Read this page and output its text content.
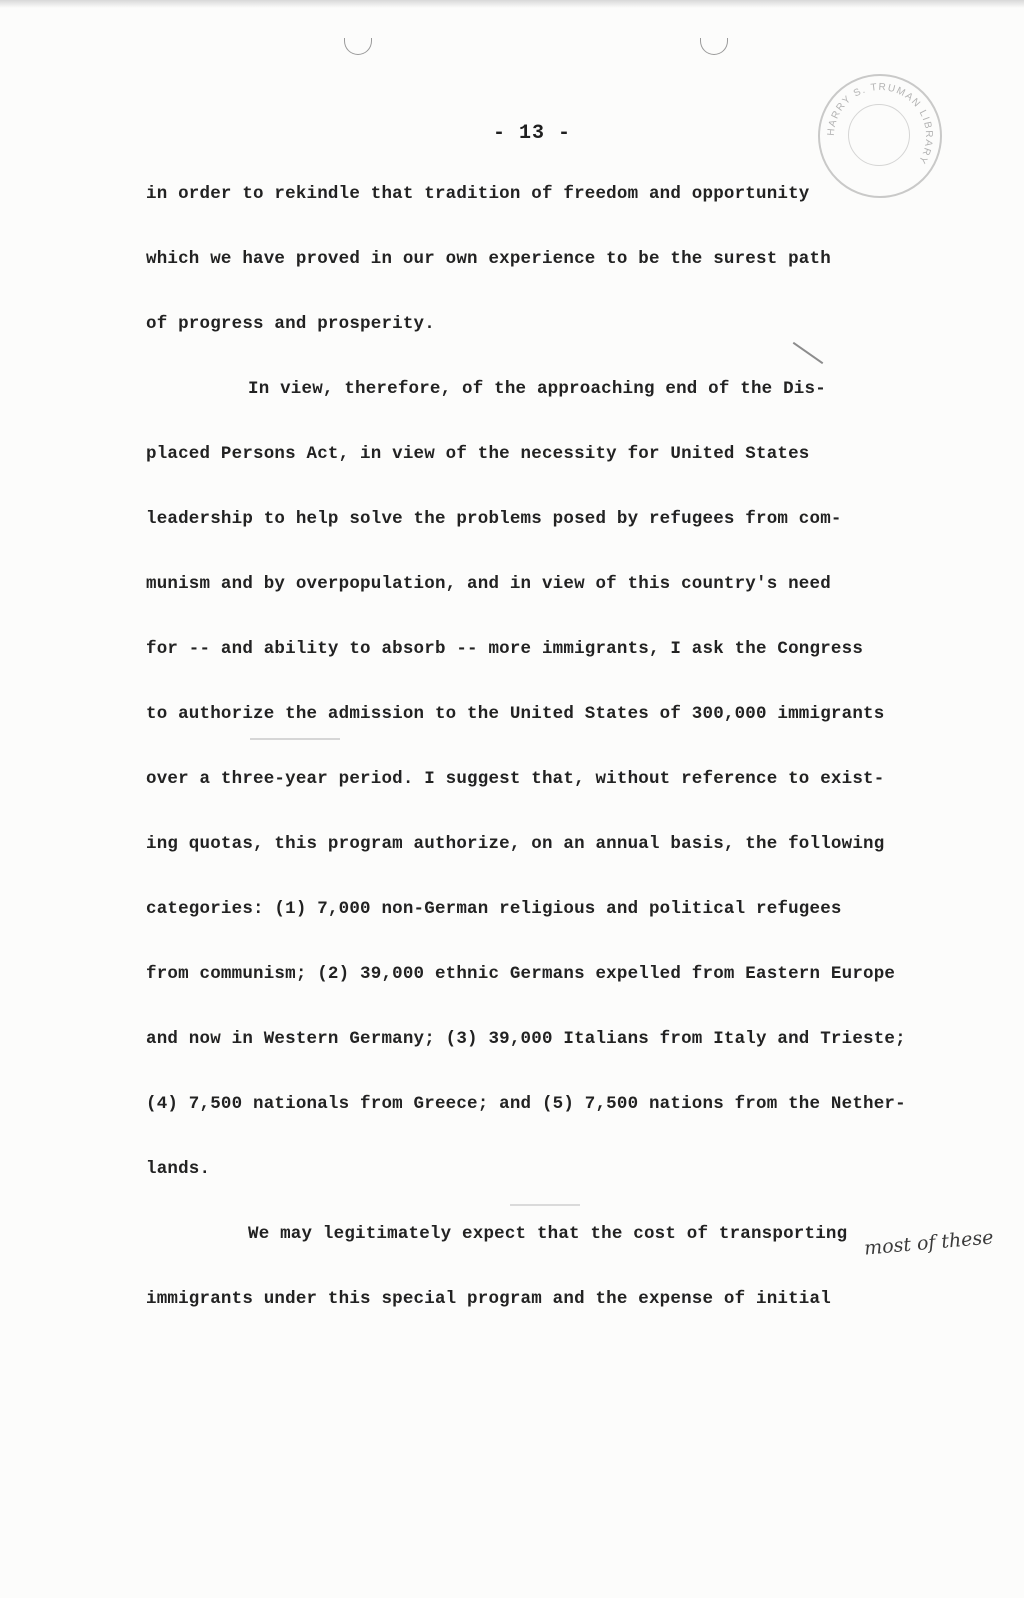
HARRY S. TRUMAN LIBRARY
- 13 -
in order to rekindle that tradition of freedom and opportunity
which we have proved in our own experience to be the surest path
of progress and prosperity.
In view, therefore, of the approaching end of the Dis-
placed Persons Act, in view of the necessity for United States
leadership to help solve the problems posed by refugees from com-
munism and by overpopulation, and in view of this country's need
for -- and ability to absorb -- more immigrants, I ask the Congress
to authorize the admission to the United States of 300,000 immigrants
over a three-year period. I suggest that, without reference to exist-
ing quotas, this program authorize, on an annual basis, the following
categories: (1) 7,000 non-German religious and political refugees
from communism; (2) 39,000 ethnic Germans expelled from Eastern Europe
and now in Western Germany; (3) 39,000 Italians from Italy and Trieste;
(4) 7,500 nationals from Greece; and (5) 7,500 nations from the Nether-
lands.
We may legitimately expect that the cost of transporting most of these
immigrants under this special program and the expense of initial
